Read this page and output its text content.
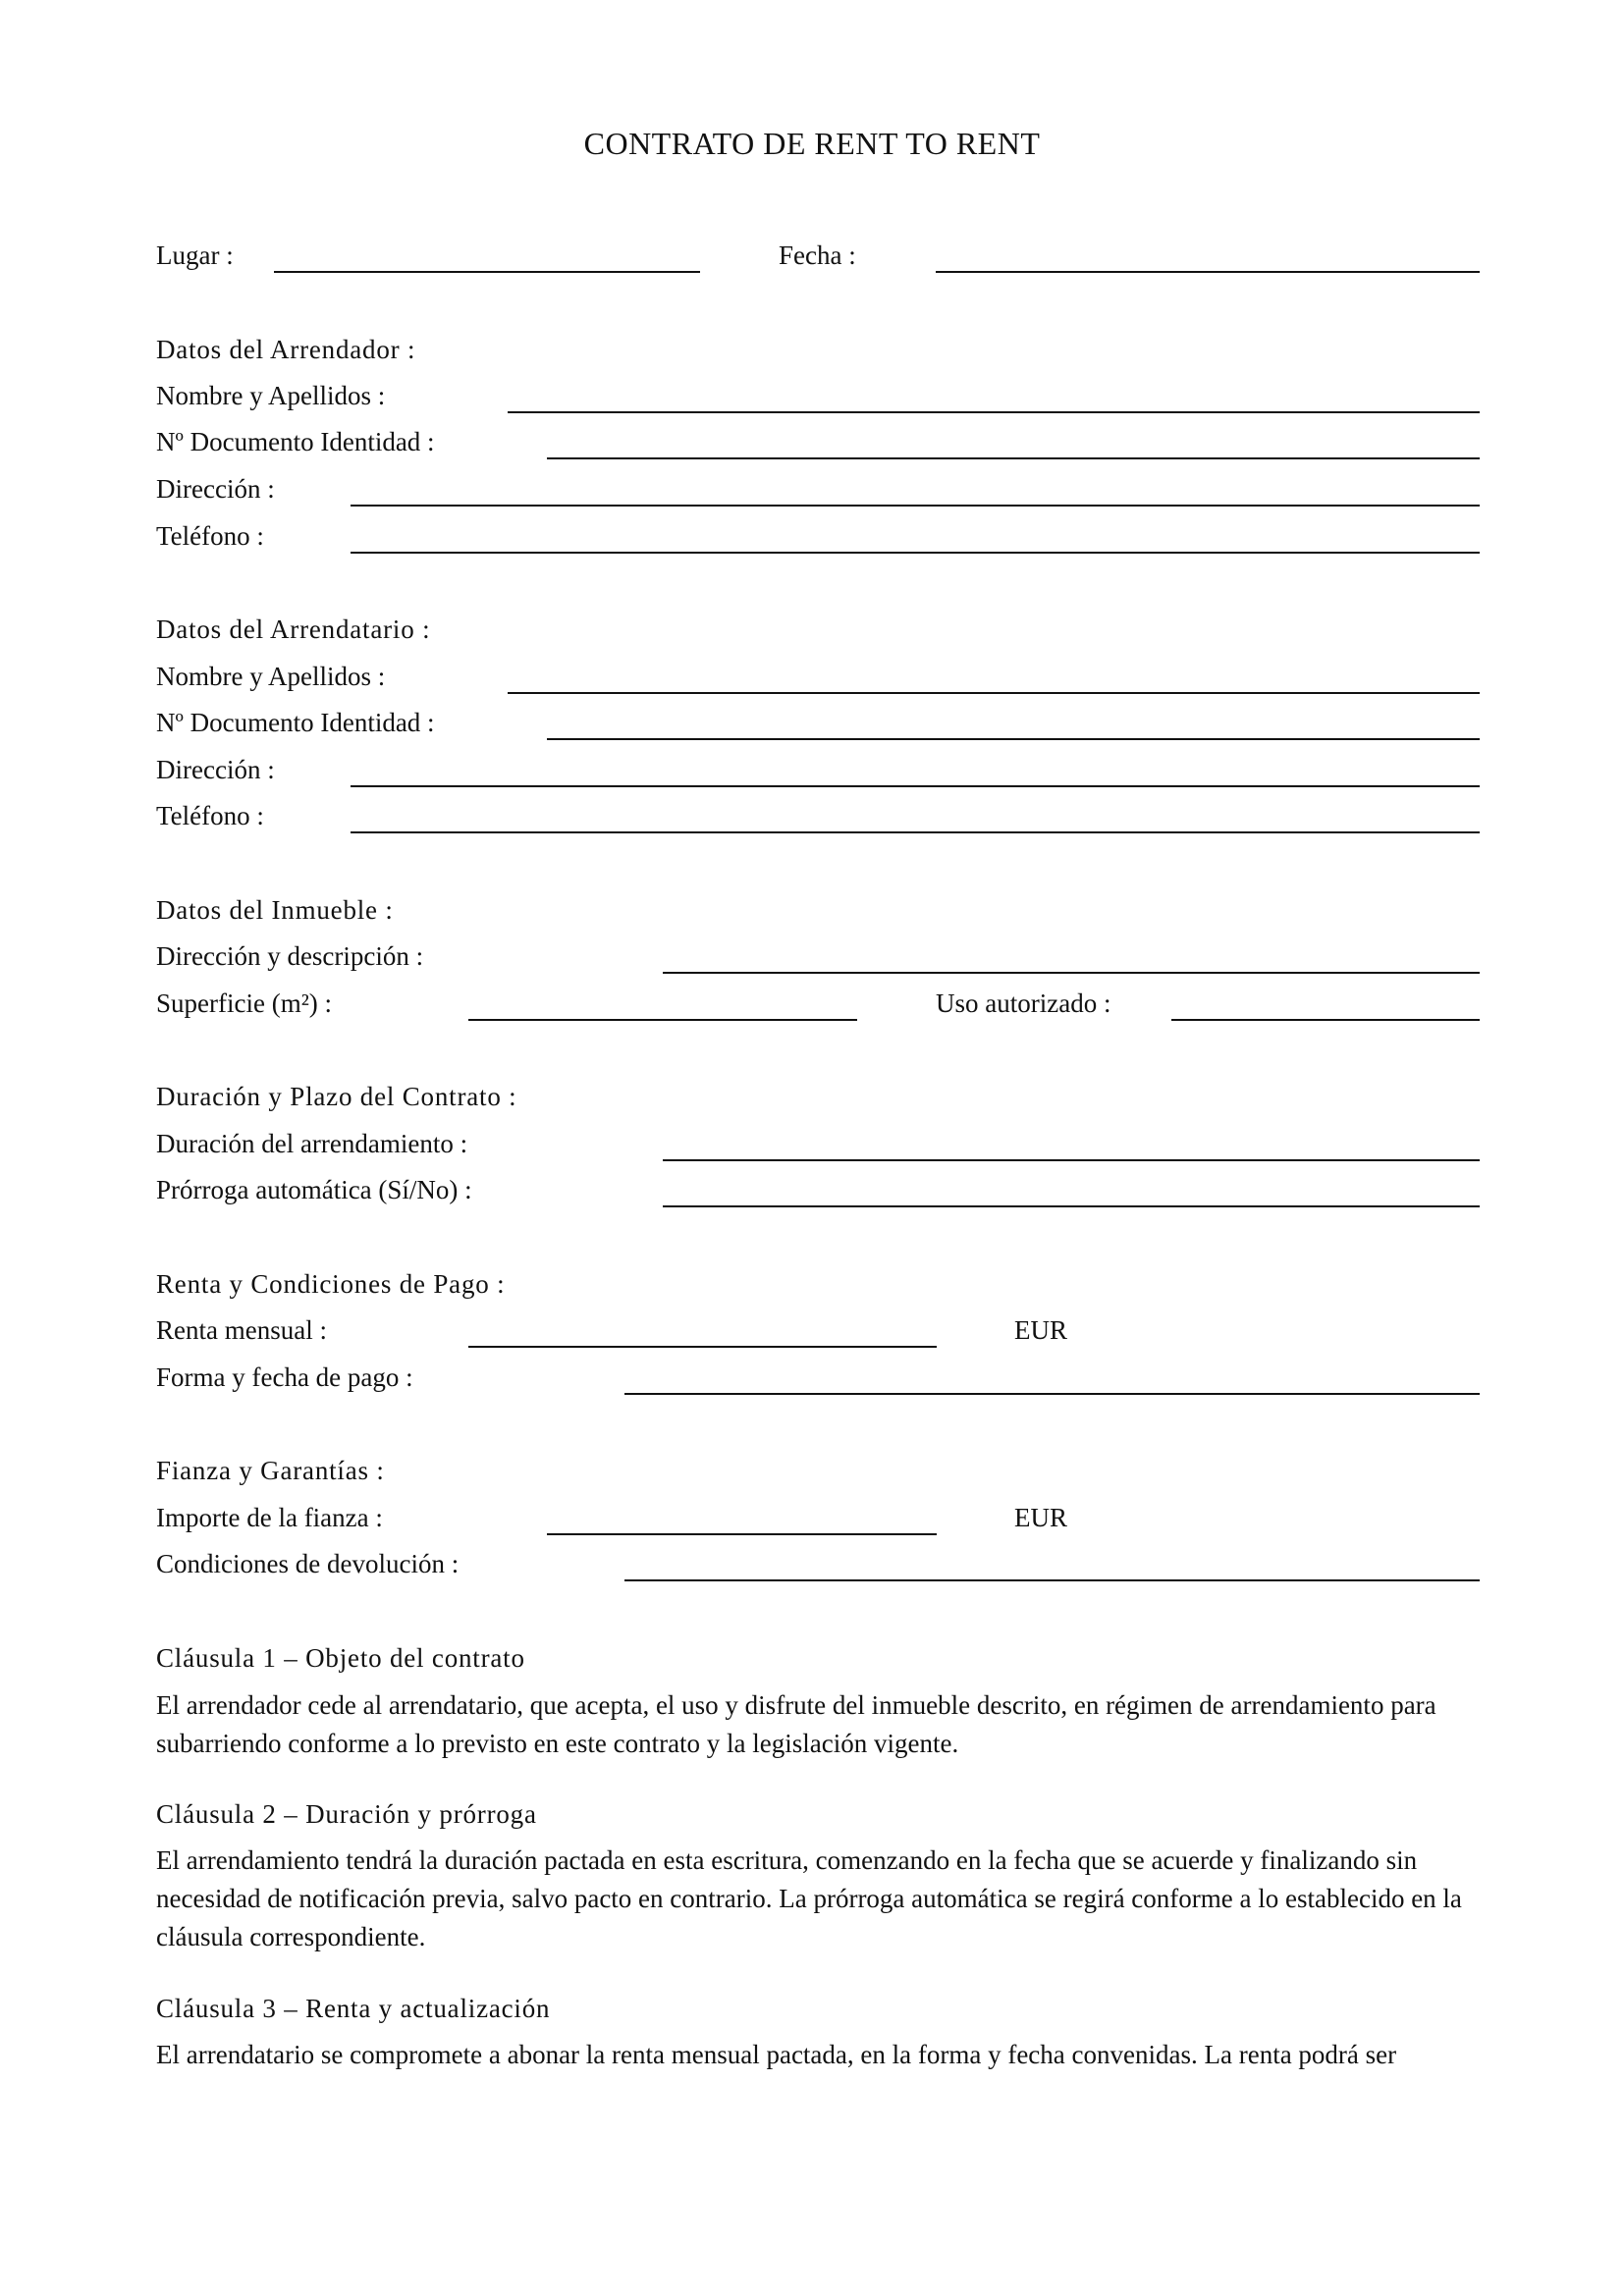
CONTRATO DE RENT TO RENT
Lugar :	Fecha :
Datos del Arrendador :
Nombre y Apellidos :
Nº Documento Identidad :
Dirección :
Teléfono :
Datos del Arrendatario :
Nombre y Apellidos :
Nº Documento Identidad :
Dirección :
Teléfono :
Datos del Inmueble :
Dirección y descripción :
Superficie (m²) :	Uso autorizado :
Duración y Plazo del Contrato :
Duración del arrendamiento :
Prórroga automática (Sí/No) :
Renta y Condiciones de Pago :
Renta mensual :	EUR
Forma y fecha de pago :
Fianza y Garantías :
Importe de la fianza :	EUR
Condiciones de devolución :
Cláusula 1 – Objeto del contrato
El arrendador cede al arrendatario, que acepta, el uso y disfrute del inmueble descrito, en régimen de arrendamiento para subarriendo conforme a lo previsto en este contrato y la legislación vigente.
Cláusula 2 – Duración y prórroga
El arrendamiento tendrá la duración pactada en esta escritura, comenzando en la fecha que se acuerde y finalizando sin necesidad de notificación previa, salvo pacto en contrario. La prórroga automática se regirá conforme a lo establecido en la cláusula correspondiente.
Cláusula 3 – Renta y actualización
El arrendatario se compromete a abonar la renta mensual pactada, en la forma y fecha convenidas. La renta podrá ser
